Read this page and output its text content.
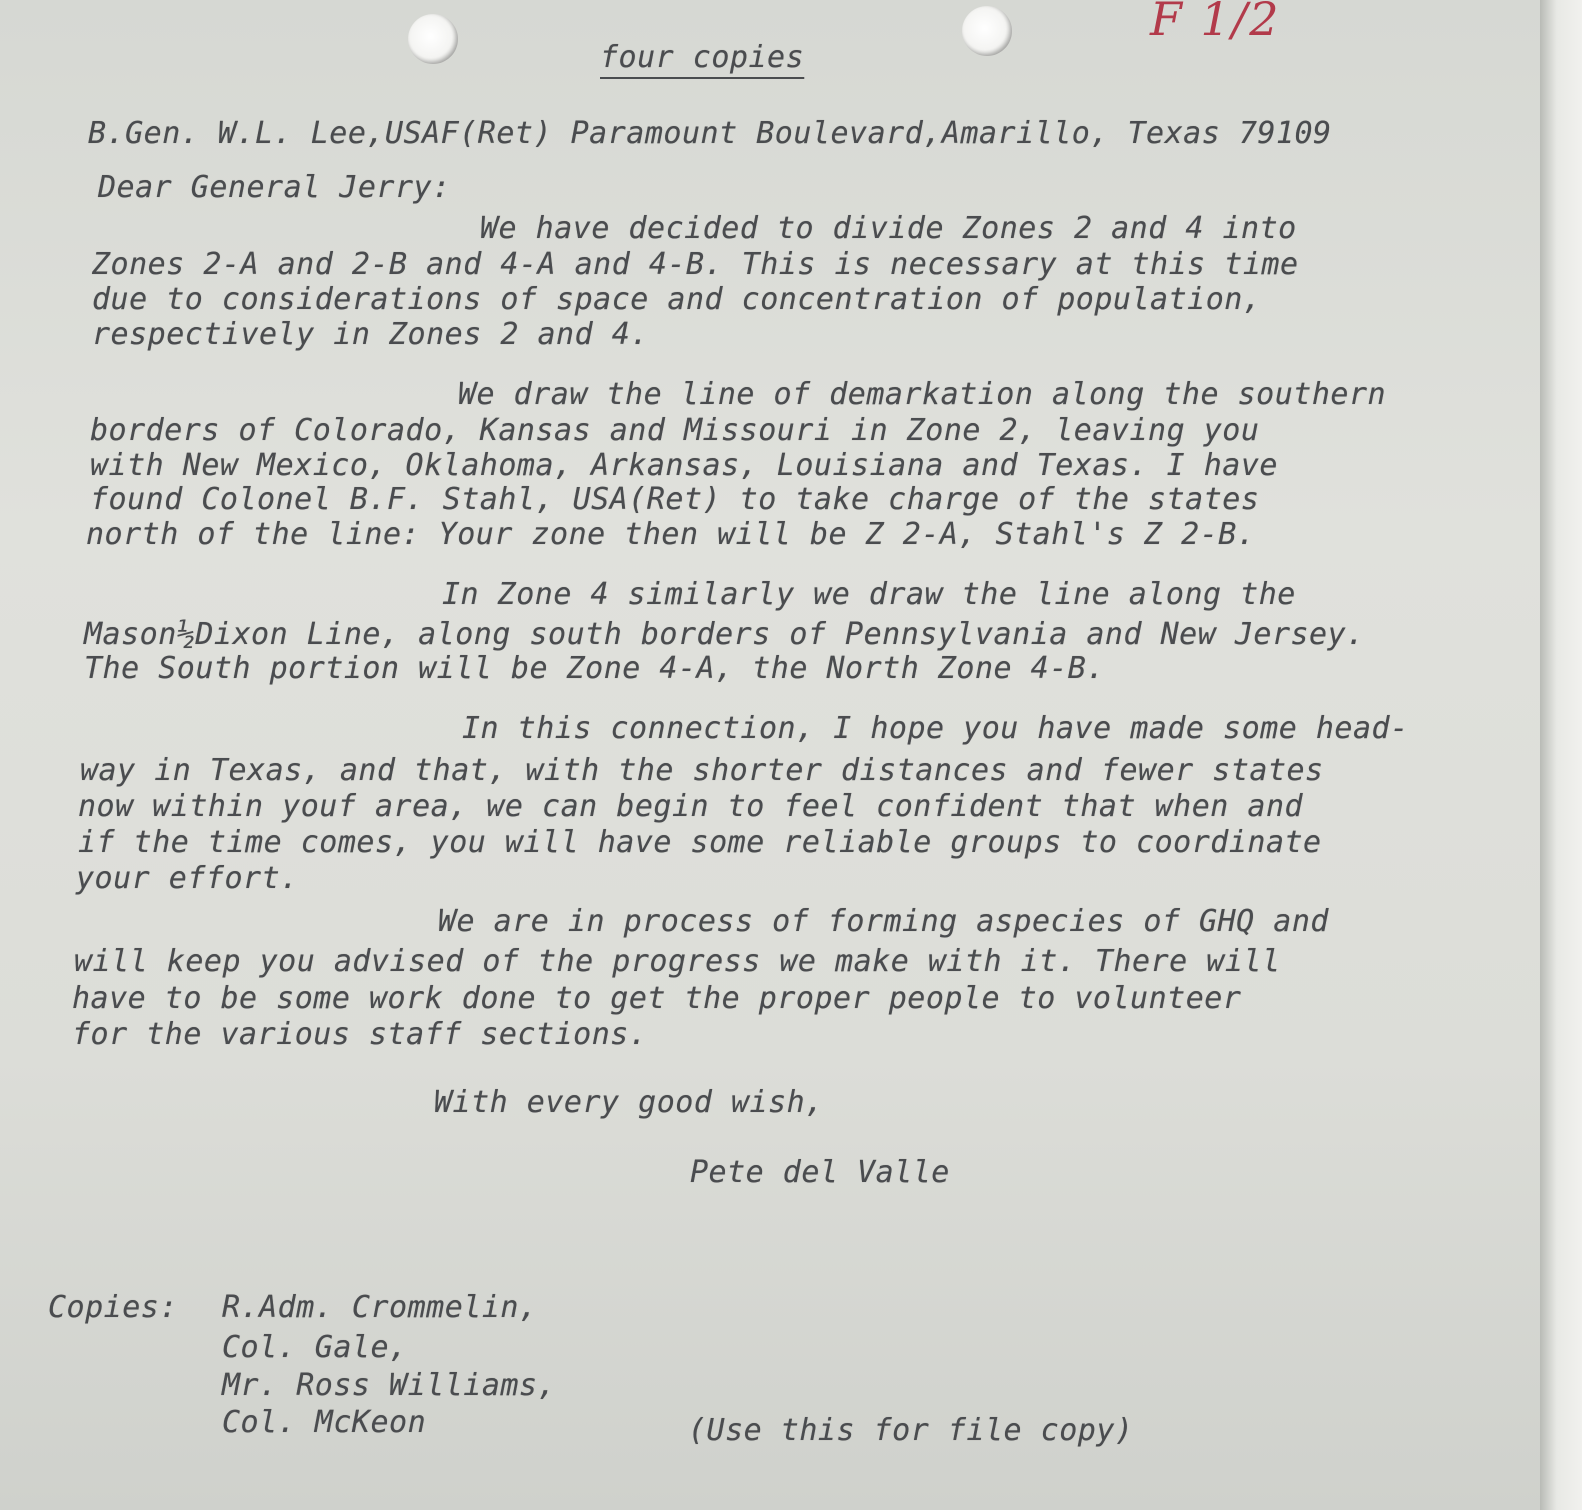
F 1/2
four copies
B.Gen. W.L. Lee,USAF(Ret) Paramount Boulevard,Amarillo, Texas 79109
Dear General Jerry:
We have decided to divide Zones 2 and 4 into
Zones 2-A and 2-B and 4-A and 4-B. This is necessary at this time
due to considerations of space and concentration of population,
respectively in Zones 2 and 4.
We draw the line of demarkation along the southern
borders of Colorado, Kansas and Missouri in Zone 2, leaving you
with New Mexico, Oklahoma, Arkansas, Louisiana and Texas. I have
found Colonel B.F. Stahl, USA(Ret) to take charge of the states
north of the line: Your zone then will be Z 2-A, Stahl's Z 2-B.
In Zone 4 similarly we draw the line along the
Mason½Dixon Line, along south borders of Pennsylvania and New Jersey.
The South portion will be Zone 4-A, the North Zone 4-B.
In this connection, I hope you have made some head-
way in Texas, and that, with the shorter distances and fewer states
now within youf area, we can begin to feel confident that when and
if the time comes, you will have some reliable groups to coordinate
your effort.
We are in process of forming aspecies of GHQ and
will keep you advised of the progress we make with it. There will
have to be some work done to get the proper people to volunteer
for the various staff sections.
With every good wish,
Pete del Valle
Copies: R.Adm. Crommelin,
Col. Gale,
Mr. Ross Williams,
Col. McKeon	(Use this for file copy)
